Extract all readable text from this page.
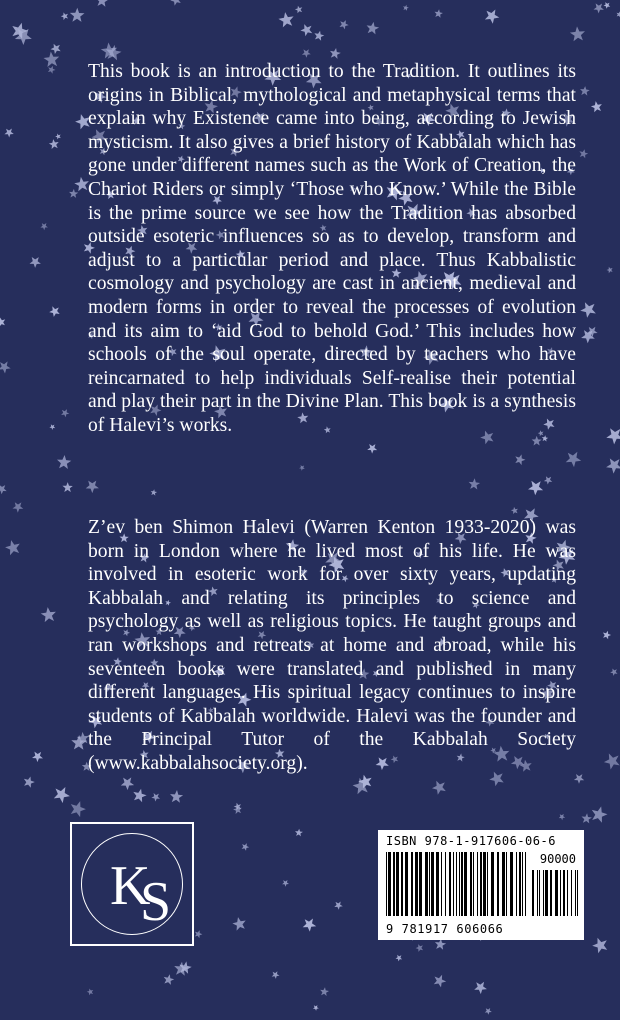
This book is an introduction to the Tradition. It outlines its origins in Biblical, mythological and metaphysical terms that explain why Existence came into being, according to Jewish mysticism. It also gives a brief history of Kabbalah which has gone under different names such as the Work of Creation, the Chariot Riders or simply ‘Those who Know.’ While the Bible is the prime source we see how the Tradition has absorbed outside esoteric influences so as to develop, transform and adjust to a particular period and place. Thus Kabbalistic cosmology and psychology are cast in ancient, medieval and modern forms in order to reveal the processes of evolution and its aim to ‘aid God to behold God.’ This includes how schools of the soul operate, directed by teachers who have reincarnated to help individuals Self-realise their potential and play their part in the Divine Plan. This book is a synthesis of Halevi’s works.

Z’ev ben Shimon Halevi (Warren Kenton 1933-2020) was born in London where he lived most of his life. He was involved in esoteric work for over sixty years, updating Kabbalah and relating its principles to science and psychology as well as religious topics. He taught groups and ran workshops and retreats at home and abroad, while his seventeen books were translated and published in many different languages. His spiritual legacy continues to inspire students of Kabbalah worldwide. Halevi was the founder and the Principal Tutor of the Kabbalah Society (www.kabbalahsociety.org).

K
S
ISBN 978-1-917606-06-6
90000
9 781917 606066
